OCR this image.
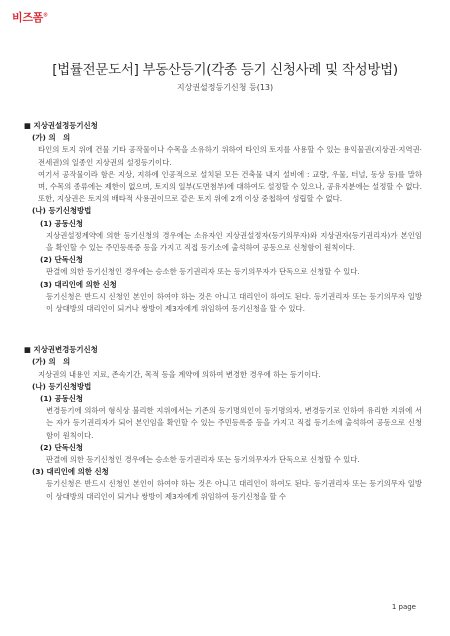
비즈폼®
[법률전문도서] 부동산등기(각종 등기 신청사례 및 작성방법)
지상권설정등기신청 등(13)
■ 지상권설정등기신청
(가) 의　의
타인의 토지 위에 건물 기타 공작물이나 수목을 소유하기 위하여 타인의 토지를 사용할 수 있는 용익물권(지상권·지역권·전세권)의 일종인 지상권의 설정등기이다.
여기서 공작물이라 함은 지상, 지하에 인공적으로 설치된 모든 건축물 내지 설비에 : 교량, 우물, 터널, 동상 등)를 말하며, 수목의 종류에는 제한이 없으며, 토지의 일부(도면첨부)에 대하여도 설정할 수 있으나, 공유지분에는 설정할 수 없다. 또한, 지상권은 토지의 배타적 사용권이므로 같은 토지 위에 2개 이상 중첩하여 성립할 수 없다.
(나) 등기신청방법
(1) 공동신청
지상권설정계약에 의한 등기신청의 경우에는 소유자인 지상권설정자(등기의무자)와 지상권자(등기권리자)가 본인임을 확인할 수 있는 주민등록증 등을 가지고 직접 등기소에 출석하여 공동으로 신청함이 원칙이다.
(2) 단독신청
판결에 의한 등기신청인 경우에는 승소한 등기권리자 또는 등기의무자가 단독으로 신청할 수 있다.
(3) 대리인에 의한 신청
등기신청은 반드시 신청인 본인이 하여야 하는 것은 아니고 대리인이 하여도 된다. 등기권리자 또는 등기의무자 일방이 상대방의 대리인이 되거나 쌍방이 제3자에게 위임하여 등기신청을 할 수 있다.
■ 지상권변경등기신청
(가) 의　의
지상권의 내용인 지료, 존속기간, 목적 등을 계약에 의하여 변경한 경우에 하는 등기이다.
(나) 등기신청방법
(1) 공동신청
변경등기에 의하여 형식상 불리한 지위에서는 기존의 등기명의인이 등기명의자, 변경등기로 인하여 유리한 지위에 서는 자가 등기권리자가 되어 본인임을 확인할 수 있는 주민등록증 등을 가지고 직접 등기소에 출석하여 공동으로 신청함이 원칙이다.
(2) 단독신청
판결에 의한 등기신청인 경우에는 승소한 등기권리자 또는 등기의무자가 단독으로 신청할 수 있다.
(3) 대리인에 의한 신청
등기신청은 반드시 신청인 본인이 하여야 하는 것은 아니고 대리인이 하여도 된다. 등기권리자 또는 등기의무자 일방이 상대방의 대리인이 되거나 쌍방이 제3자에게 위임하여 등기신청을 할 수
1 page
